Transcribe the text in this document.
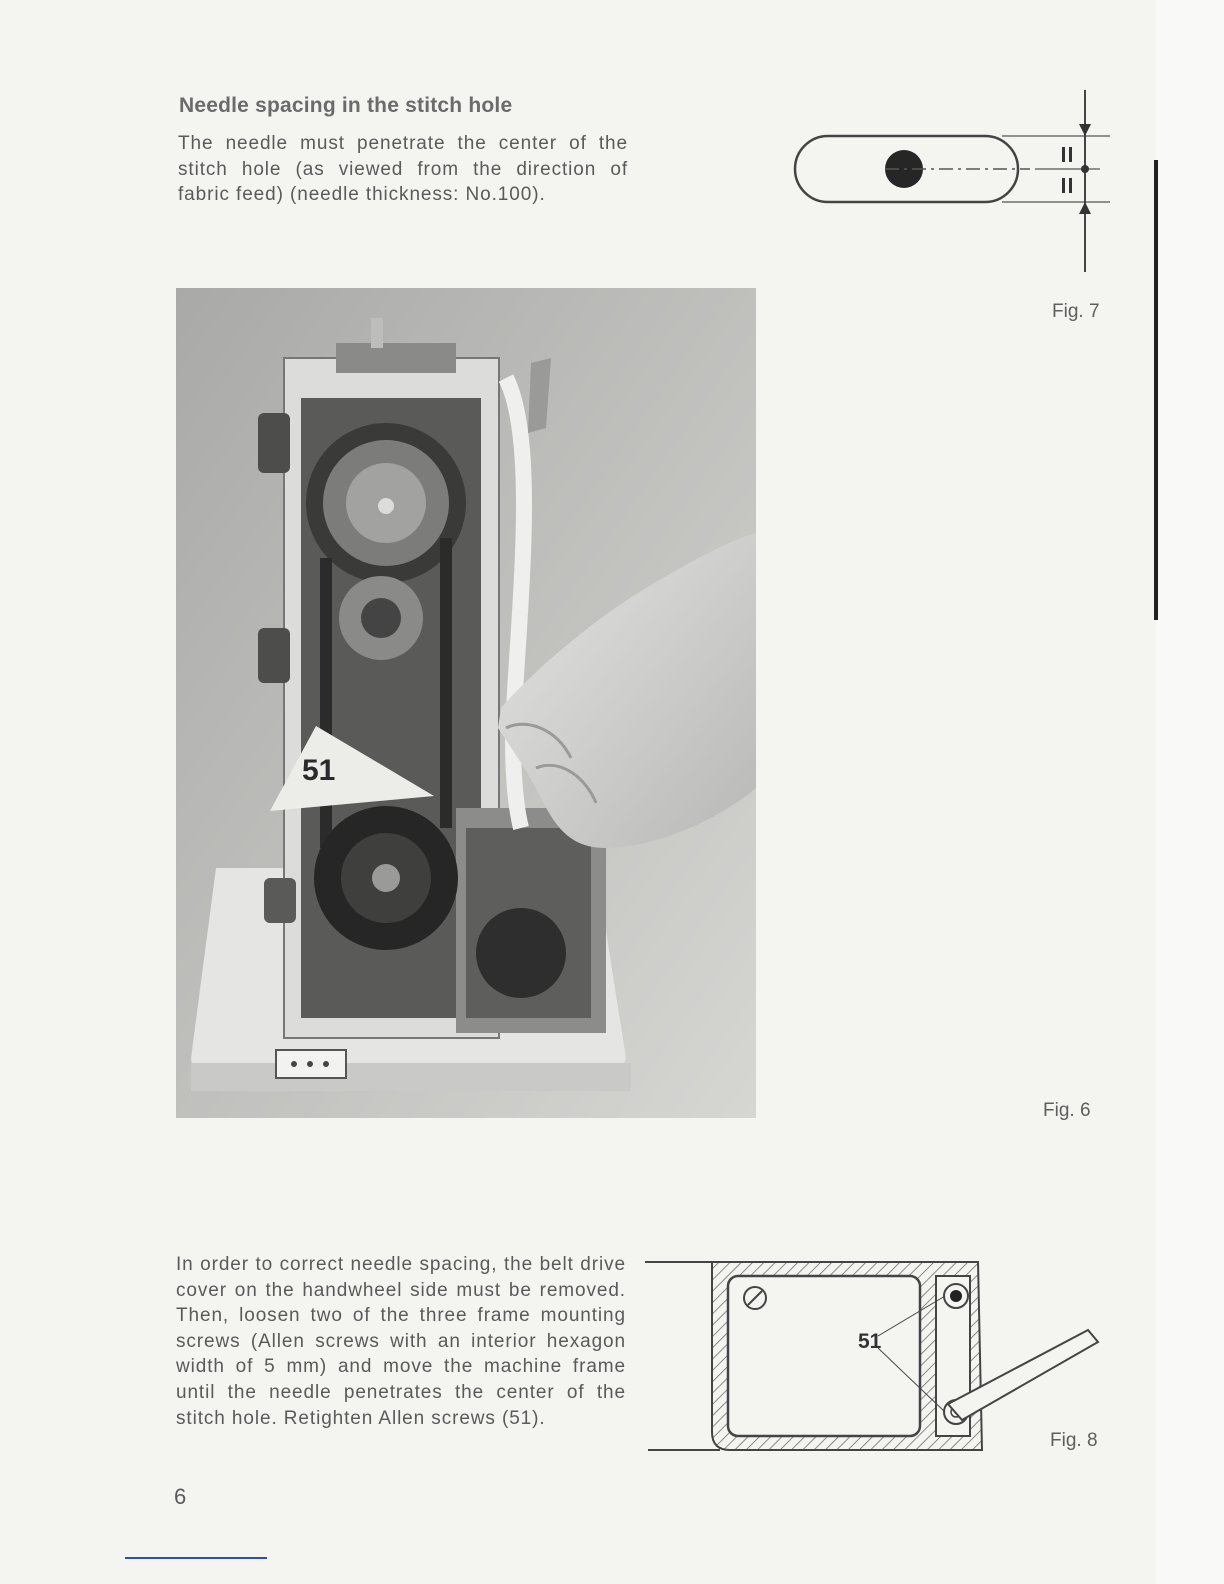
Needle spacing in the stitch hole
The needle must penetrate the center of the stitch hole (as viewed from the direction of fabric feed) (needle thickness: No.100).
Fig. 7
51
Fig. 6
In order to correct needle spacing, the belt drive cover on the handwheel side must be removed. Then, loosen two of the three frame mounting screws (Allen screws with an interior hexagon width of 5 mm) and move the machine frame until the needle penetrates the center of the stitch hole. Retighten Allen screws (51).
51
Fig. 8
6
